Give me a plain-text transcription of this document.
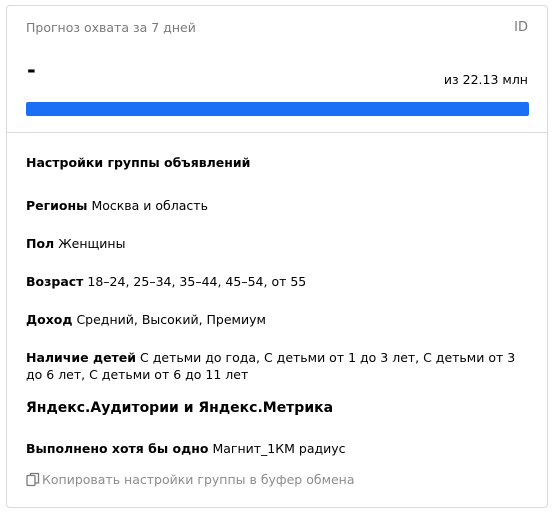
Прогноз охвата за 7 дней	ID
-	из 22.13 млн
Настройки группы объявлений
Регионы Москва и область
Пол Женщины
Возраст 18–24, 25–34, 35–44, 45–54, от 55
Доход Средний, Высокий, Премиум
Наличие детей С детьми до года, С детьми от 1 до 3 лет, С детьми от 3 до 6 лет, С детьми от 6 до 11 лет
Яндекс.Аудитории и Яндекс.Метрика
Выполнено хотя бы одно Магнит_1КМ радиус
Копировать настройки группы в буфер обмена
